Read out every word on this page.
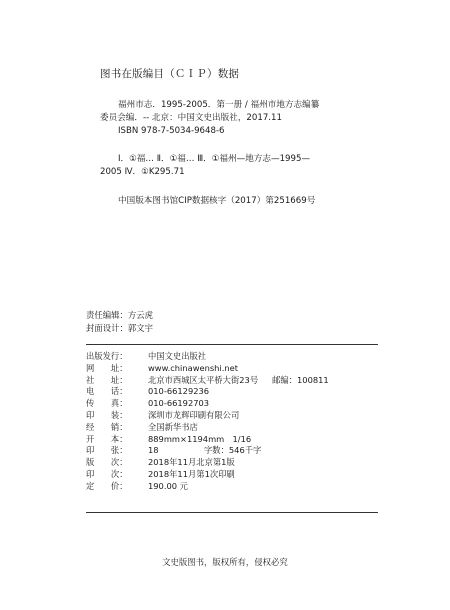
图书在版编目（ＣＩＰ）数据
福州市志．1995-2005．第一册 / 福州市地方志编纂
委员会编．-- 北京：中国文史出版社，2017.11
ISBN 978-7-5034-9648-6
Ⅰ．①福… Ⅱ．①福… Ⅲ．①福州—地方志—1995—
2005 Ⅳ．①K295.71
中国版本图书馆CIP数据核字（2017）第251669号
责任编辑：方云虎
封面设计：郭文宇
出版发行： 中国文史出版社
网　　址： www.chinawenshi.net
社　　址： 北京市西城区太平桥大街23号 邮编：100811
电　　话： 010-66129236
传　　真： 010-66192703
印　　装： 深圳市龙辉印刷有限公司
经　　销： 全国新华书店
开　　本： 889mm×1194mm　1/16
印　　张： 18	字数：546千字
版　　次： 2018年11月北京第1版
印　　次： 2018年11月第1次印刷
定　　价： 190.00 元
文史版图书，版权所有，侵权必究
